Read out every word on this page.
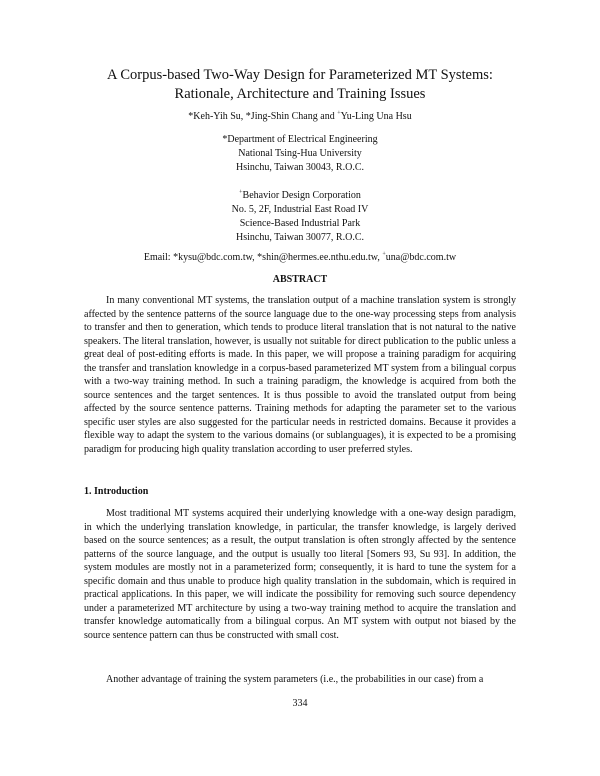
A Corpus-based Two-Way Design for Parameterized MT Systems:
Rationale, Architecture and Training Issues
*Keh-Yih Su, *Jing-Shin Chang and +Yu-Ling Una Hsu
*Department of Electrical Engineering
National Tsing-Hua University
Hsinchu, Taiwan 30043, R.O.C.
+Behavior Design Corporation
No. 5, 2F, Industrial East Road IV
Science-Based Industrial Park
Hsinchu, Taiwan 30077, R.O.C.
Email: *kysu@bdc.com.tw, *shin@hermes.ee.nthu.edu.tw, +una@bdc.com.tw
ABSTRACT

In many conventional MT systems, the translation output of a machine translation system is strongly affected by the sentence patterns of the source language due to the one-way processing steps from analysis to transfer and then to generation, which tends to produce literal translation that is not natural to the native speakers. The literal translation, however, is usually not suitable for direct publication to the public unless a great deal of post-editing efforts is made. In this paper, we will propose a training paradigm for acquiring the transfer and translation knowledge in a corpus-based parameterized MT system from a bilingual corpus with a two-way training method. In such a training paradigm, the knowledge is acquired from both the source sentences and the target sentences. It is thus possible to avoid the translated output from being affected by the source sentence patterns. Training methods for adapting the parameter set to the various specific user styles are also suggested for the particular needs in restricted domains. Because it provides a flexible way to adapt the system to the various domains (or sublanguages), it is expected to be a promising paradigm for producing high quality translation according to user preferred styles.

1. Introduction

Most traditional MT systems acquired their underlying knowledge with a one-way design paradigm, in which the underlying translation knowledge, in particular, the transfer knowledge, is largely derived based on the source sentences; as a result, the output translation is often strongly affected by the sentence patterns of the source language, and the output is usually too literal [Somers 93, Su 93]. In addition, the system modules are mostly not in a parameterized form; consequently, it is hard to tune the system for a specific domain and thus unable to produce high quality translation in the subdomain, which is required in practical applications. In this paper, we will indicate the possibility for removing such source dependency under a parameterized MT architecture by using a two-way training method to acquire the translation and transfer knowledge automatically from a bilingual corpus. An MT system with output not biased by the source sentence pattern can thus be constructed with small cost.

Another advantage of training the system parameters (i.e., the probabilities in our case) from a

334
